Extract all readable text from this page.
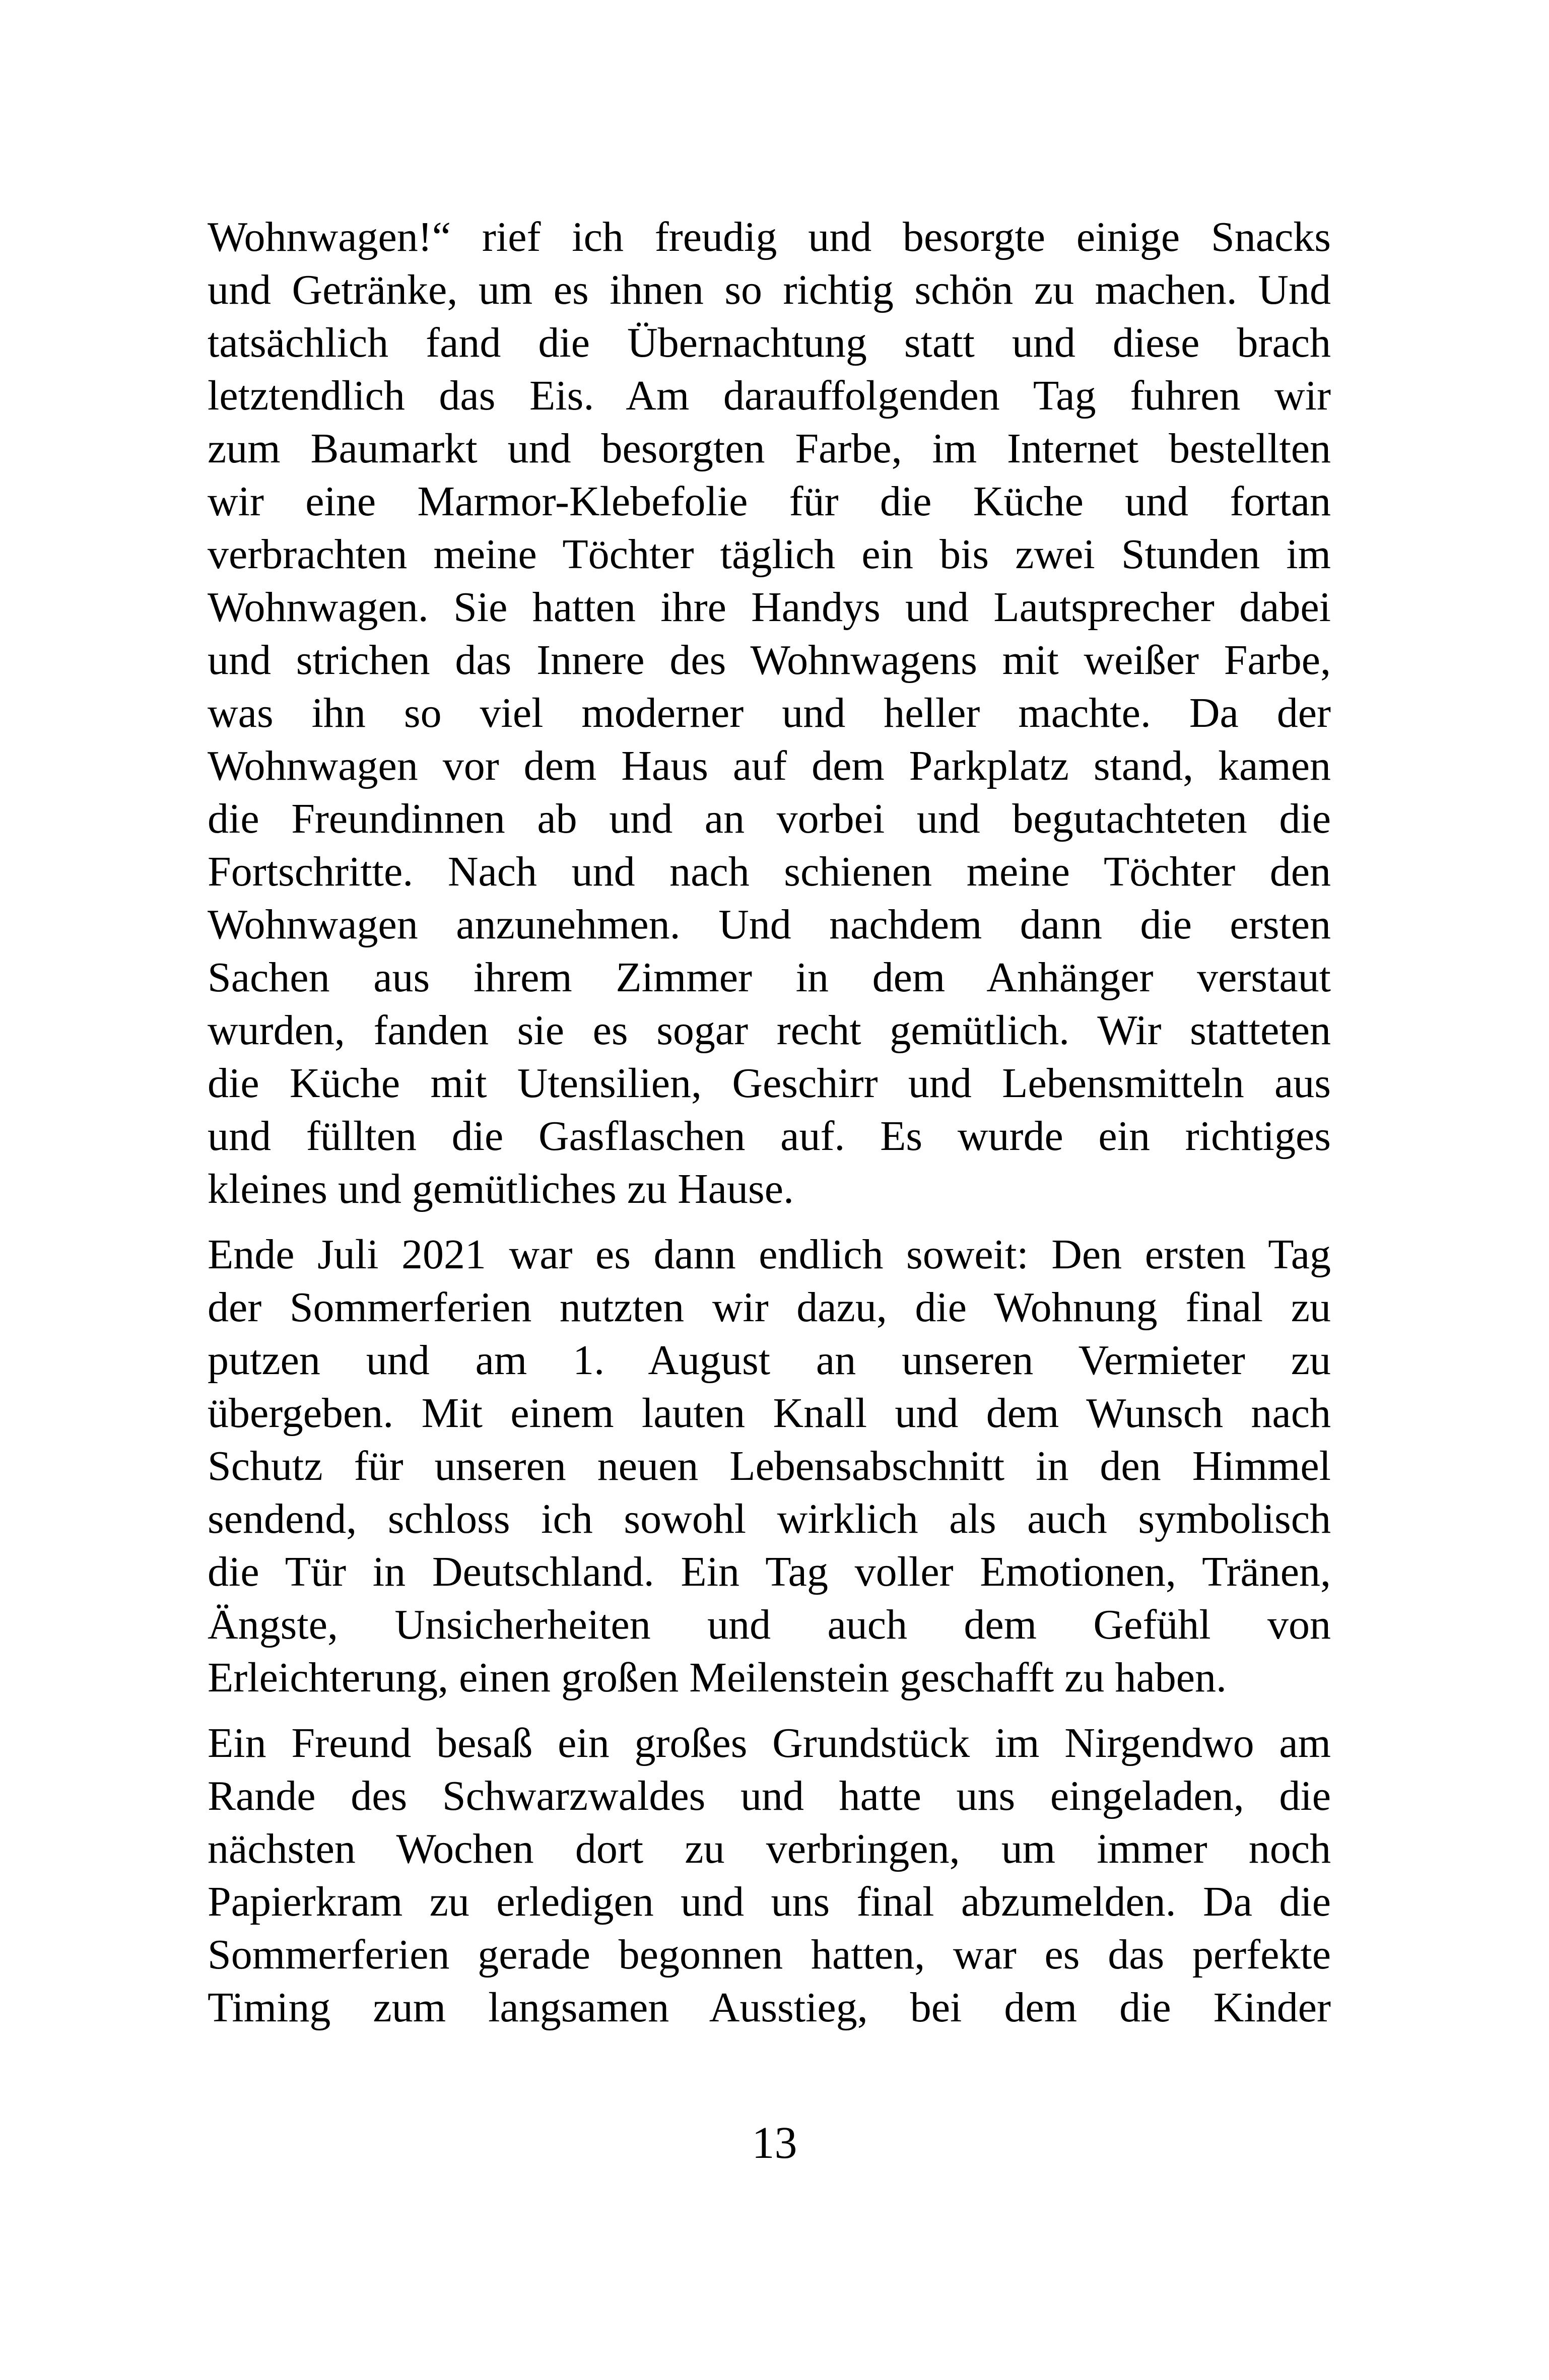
Wohnwagen!“ rief ich freudig und besorgte einige Snacks
und Getränke, um es ihnen so richtig schön zu machen. Und
tatsächlich fand die Übernachtung statt und diese brach
letztendlich das Eis. Am darauffolgenden Tag fuhren wir
zum Baumarkt und besorgten Farbe, im Internet bestellten
wir eine Marmor-Klebefolie für die Küche und fortan
verbrachten meine Töchter täglich ein bis zwei Stunden im
Wohnwagen. Sie hatten ihre Handys und Lautsprecher dabei
und strichen das Innere des Wohnwagens mit weißer Farbe,
was ihn so viel moderner und heller machte. Da der
Wohnwagen vor dem Haus auf dem Parkplatz stand, kamen
die Freundinnen ab und an vorbei und begutachteten die
Fortschritte. Nach und nach schienen meine Töchter den
Wohnwagen anzunehmen. Und nachdem dann die ersten
Sachen aus ihrem Zimmer in dem Anhänger verstaut
wurden, fanden sie es sogar recht gemütlich. Wir statteten
die Küche mit Utensilien, Geschirr und Lebensmitteln aus
und füllten die Gasflaschen auf. Es wurde ein richtiges
kleines und gemütliches zu Hause.

Ende Juli 2021 war es dann endlich soweit: Den ersten Tag
der Sommerferien nutzten wir dazu, die Wohnung final zu
putzen und am 1. August an unseren Vermieter zu
übergeben. Mit einem lauten Knall und dem Wunsch nach
Schutz für unseren neuen Lebensabschnitt in den Himmel
sendend, schloss ich sowohl wirklich als auch symbolisch
die Tür in Deutschland. Ein Tag voller Emotionen, Tränen,
Ängste, Unsicherheiten und auch dem Gefühl von
Erleichterung, einen großen Meilenstein geschafft zu haben.

Ein Freund besaß ein großes Grundstück im Nirgendwo am
Rande des Schwarzwaldes und hatte uns eingeladen, die
nächsten Wochen dort zu verbringen, um immer noch
Papierkram zu erledigen und uns final abzumelden. Da die
Sommerferien gerade begonnen hatten, war es das perfekte
Timing zum langsamen Ausstieg, bei dem die Kinder

13
